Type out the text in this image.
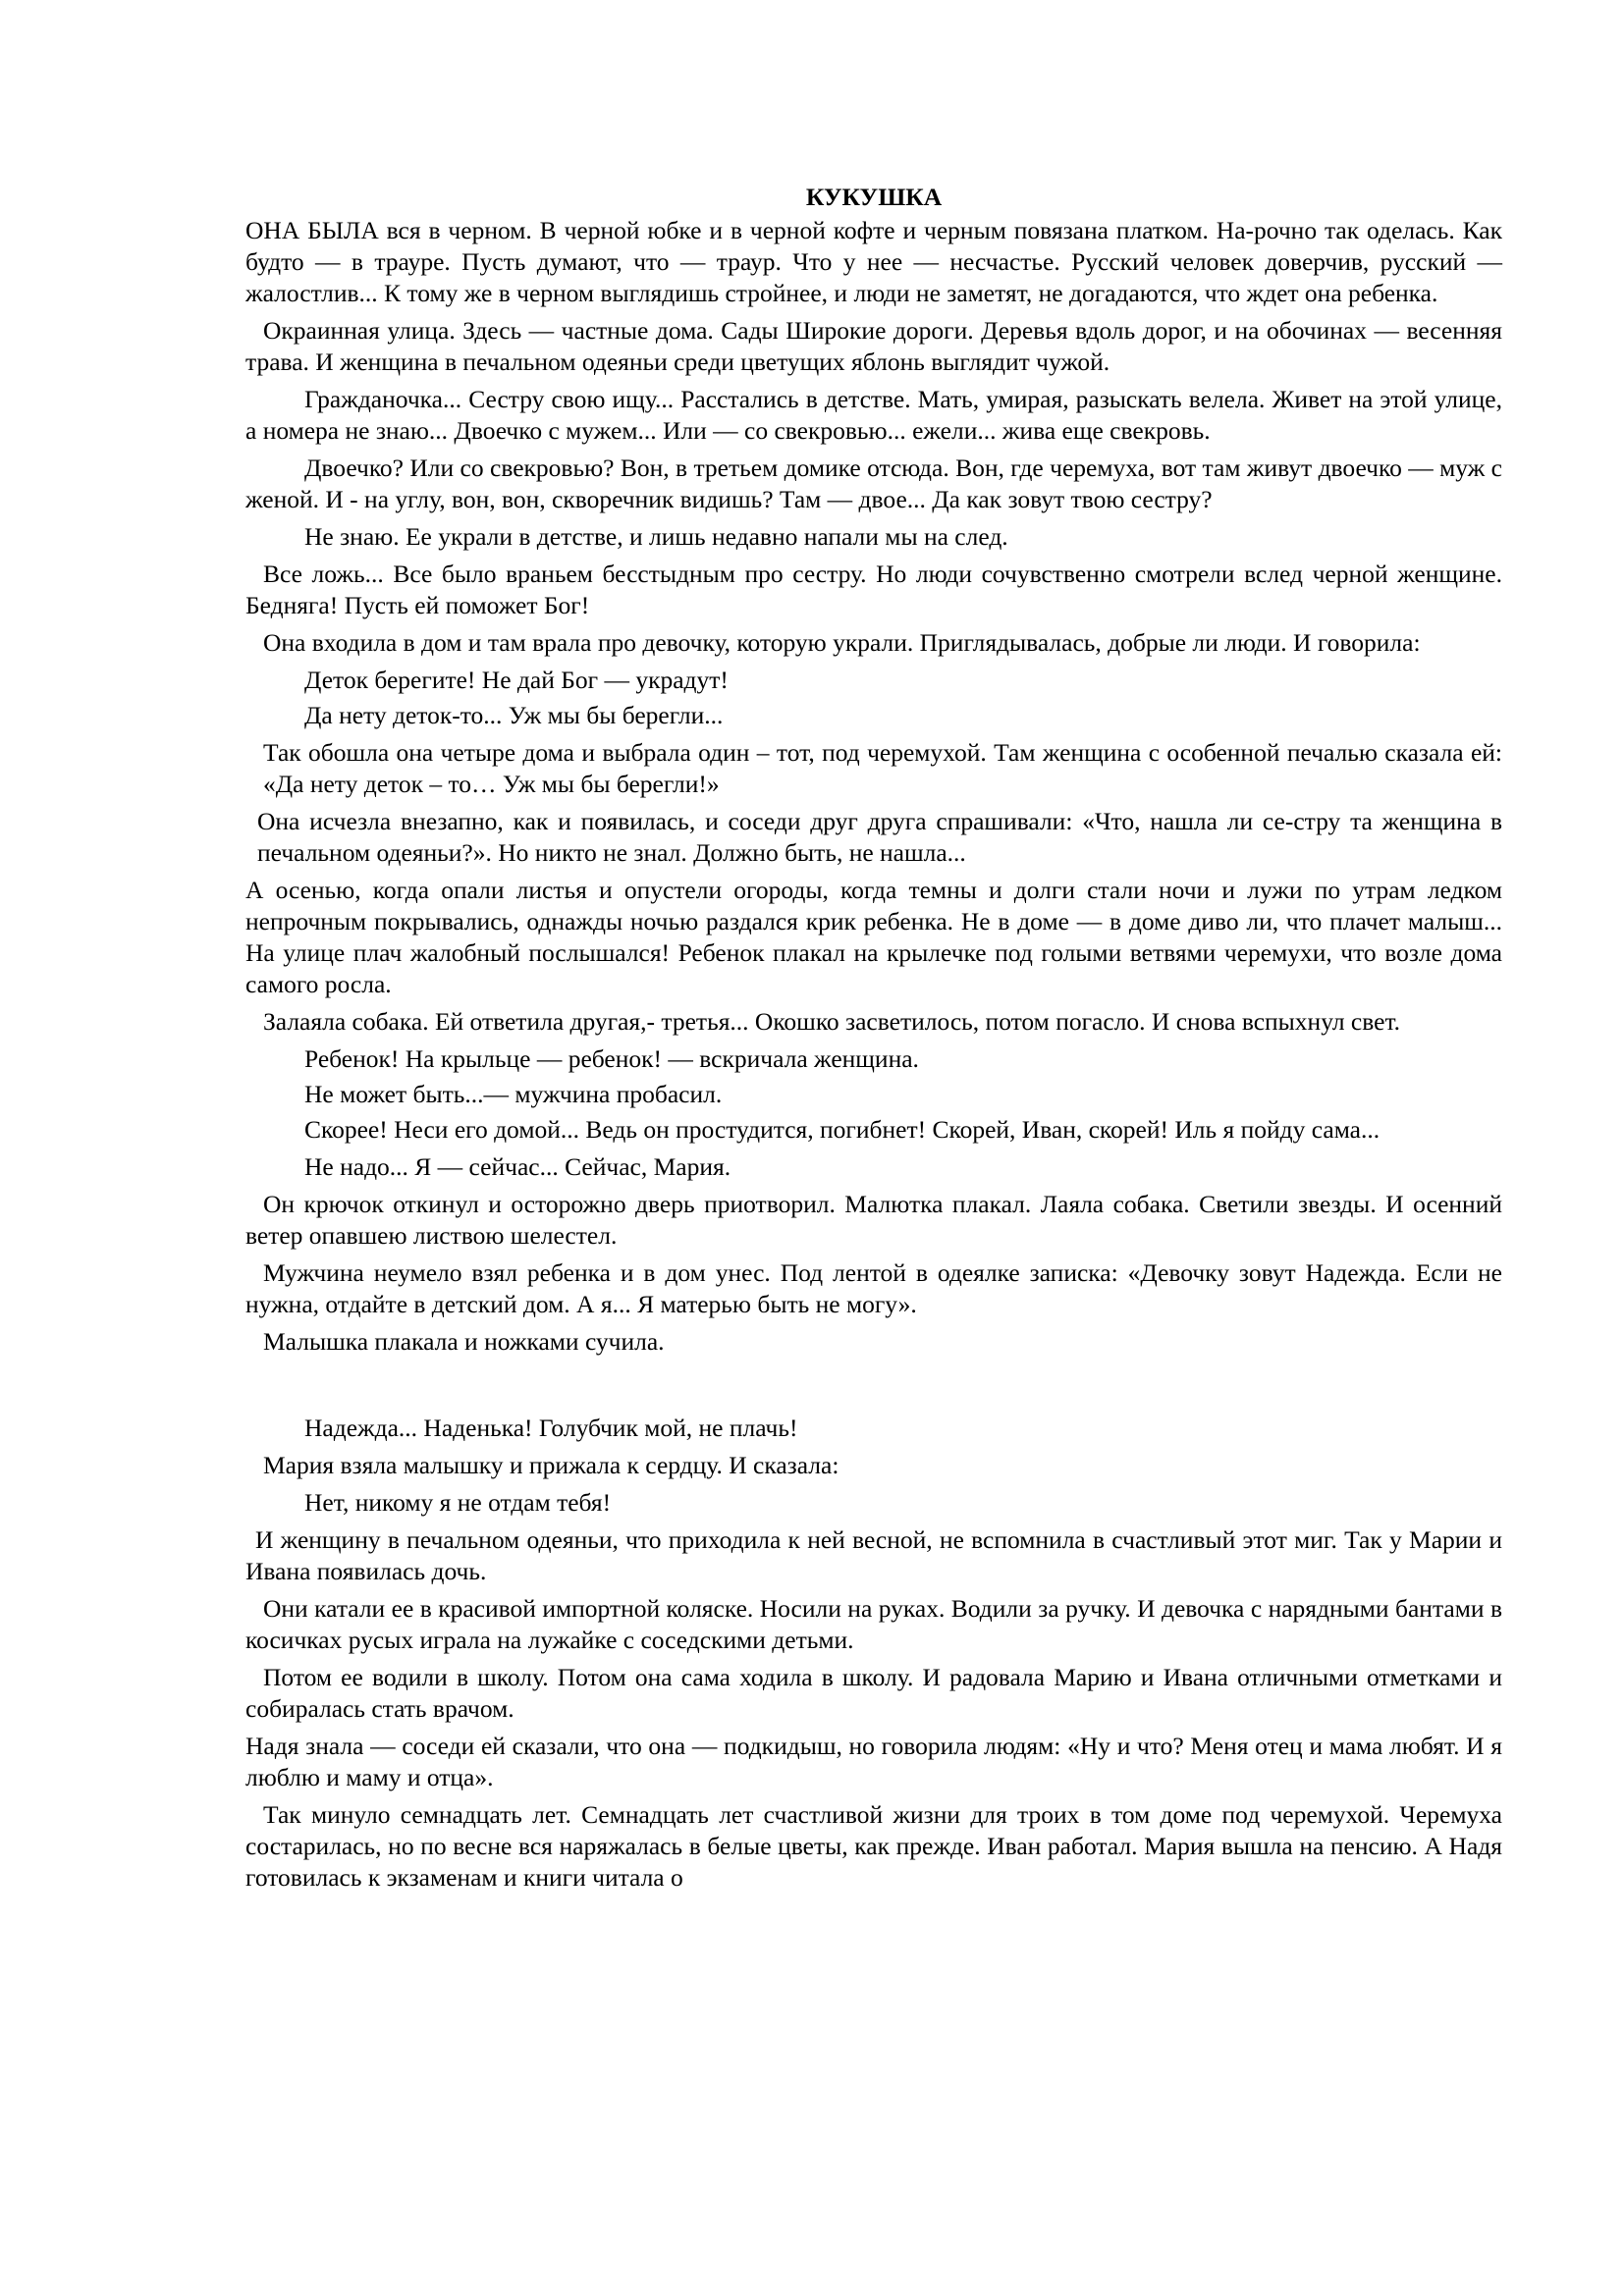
КУКУШКА

ОНА БЫЛА вся в черном. В черной юбке и в черной кофте и черным повязана платком. На-рочно так оделась. Как будто — в трауре. Пусть думают, что — траур. Что у нее — несчастье. Русский человек доверчив, русский — жалостлив... К тому же в черном выглядишь стройнее, и люди не заметят, не догадаются, что ждет она ребенка.

Окраинная улица. Здесь — частные дома. Сады Широкие дороги. Деревья вдоль дорог, и на обочинах — весенняя трава. И женщина в печальном одеяньи среди цветущих яблонь выглядит чужой.

Гражданочка... Сестру свою ищу... Расстались в детстве. Мать, умирая, разыскать велела. Живет на этой улице, а номера не знаю... Двоечко с мужем... Или — со свекровью... ежели... жива еще свекровь.

Двоечко? Или со свекровью? Вон, в третьем домике отсюда. Вон, где черемуха, вот там живут двоечко — муж с женой. И - на углу, вон, вон, скворечник видишь? Там — двое... Да как зовут твою сестру?

Не знаю. Ее украли в детстве, и лишь недавно напали мы на след.

Все ложь... Все было враньем бесстыдным про сестру. Но люди сочувственно смотрели вслед черной женщине. Бедняга! Пусть ей поможет Бог!

Она входила в дом и там врала про девочку, которую украли. Приглядывалась, добрые ли люди. И говорила:

Деток берегите! Не дай Бог — украдут!

Да нету деток-то... Уж мы бы берегли...

Так обошла она четыре дома и выбрала один – тот, под черемухой. Там женщина с особенной печалью сказала ей: «Да нету деток – то… Уж мы бы берегли!»

Она исчезла внезапно, как и появилась, и соседи друг друга спрашивали: «Что, нашла ли се-стру та женщина в печальном одеяньи?». Но никто не знал. Должно быть, не нашла...

А осенью, когда опали листья и опустели огороды, когда темны и долги стали ночи и лужи по утрам ледком непрочным покрывались, однажды ночью раздался крик ребенка. Не в доме — в доме диво ли, что плачет малыш... На улице плач жалобный послышался! Ребенок плакал на крылечке под голыми ветвями черемухи, что возле дома самого росла.

Залаяла собака. Ей ответила другая,- третья... Окошко засветилось, потом погасло. И снова вспыхнул свет.

Ребенок! На крыльце — ребенок! — вскричала женщина.

Не может быть...— мужчина пробасил.

Скорее! Неси его домой... Ведь он простудится, погибнет! Скорей, Иван, скорей! Иль я пойду сама...

Не надо... Я — сейчас... Сейчас, Мария.

Он крючок откинул и осторожно дверь приотворил. Малютка плакал. Лаяла собака. Светили звезды. И осенний ветер опавшею листвою шелестел.

Мужчина неумело взял ребенка и в дом унес. Под лентой в одеялке записка: «Девочку зовут Надежда. Если не нужна, отдайте в детский дом. А я... Я матерью быть не могу».

Малышка плакала и ножками сучила.

Надежда... Наденька! Голубчик мой, не плачь!

Мария взяла малышку и прижала к сердцу. И сказала:

Нет, никому я не отдам тебя!

И женщину в печальном одеяньи, что приходила к ней весной, не вспомнила в счастливый этот миг. Так у Марии и Ивана появилась дочь.

Они катали ее в красивой импортной коляске. Носили на руках. Водили за ручку. И девочка с нарядными бантами в косичках русых играла на лужайке с соседскими детьми.

Потом ее водили в школу. Потом она сама ходила в школу. И радовала Марию и Ивана отличными отметками и собиралась стать врачом.

Надя знала — соседи ей сказали, что она — подкидыш, но говорила людям: «Ну и что? Меня отец и мама любят. И я люблю и маму и отца».

Так минуло семнадцать лет. Семнадцать лет счастливой жизни для троих в том доме под черемухой. Черемуха состарилась, но по весне вся наряжалась в белые цветы, как прежде. Иван работал. Мария вышла на пенсию. А Надя готовилась к экзаменам и книги читала о
